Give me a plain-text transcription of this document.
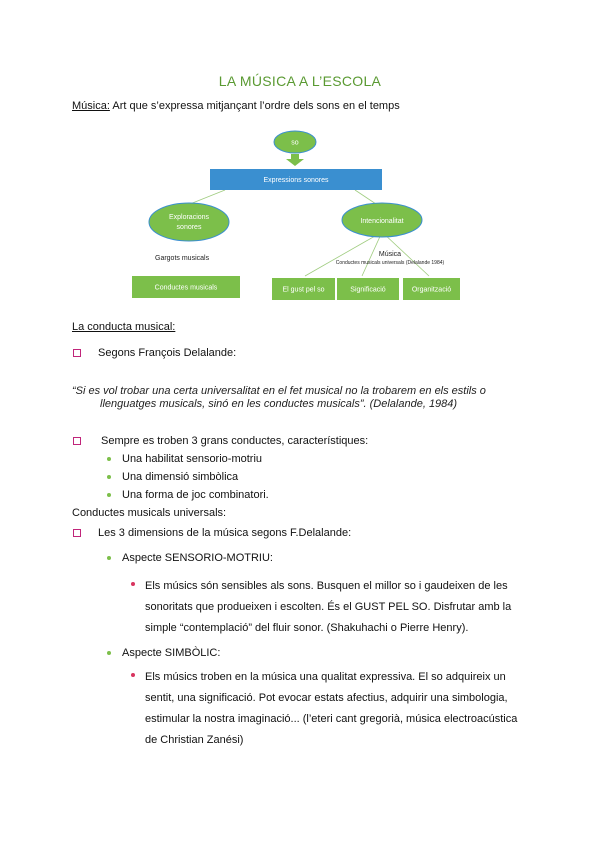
LA MÚSICA A L’ESCOLA
Música: Art que s’expressa mitjançant l’ordre dels sons en el temps
so
Expressions sonores
Exploracions
sonores
Intencionalitat
Gargots musicals
Música
Conductes musicals universals (Delalande 1984)
Conductes musicals	El gust pel so	Significació	Organització
La conducta musical:
Segons François Delalande:
“Si es vol trobar una certa universalitat en el fet musical no la trobarem en els estils o
llenguatges musicals, sinó en les conductes musicals”. (Delalande, 1984)
Sempre es troben 3 grans conductes, característiques:
Una habilitat sensorio-motriu
Una dimensió simbòlica
Una forma de joc combinatori.
Conductes musicals universals:
Les 3 dimensions de la música segons F.Delalande:
Aspecte SENSORIO-MOTRIU:
Els músics són sensibles als sons. Busquen el millor so i gaudeixen de les
sonoritats que produeixen i escolten. És el GUST PEL SO. Disfrutar amb la
simple “contemplació” del fluir sonor. (Shakuhachi o Pierre Henry).
Aspecte SIMBÒLIC:
Els músics troben en la música una qualitat expressiva. El so adquireix un
sentit, una significació. Pot evocar estats afectius, adquirir una simbologia,
estimular la nostra imaginació... (l’eteri cant gregorià, música electroacústica
de Christian Zanési)
